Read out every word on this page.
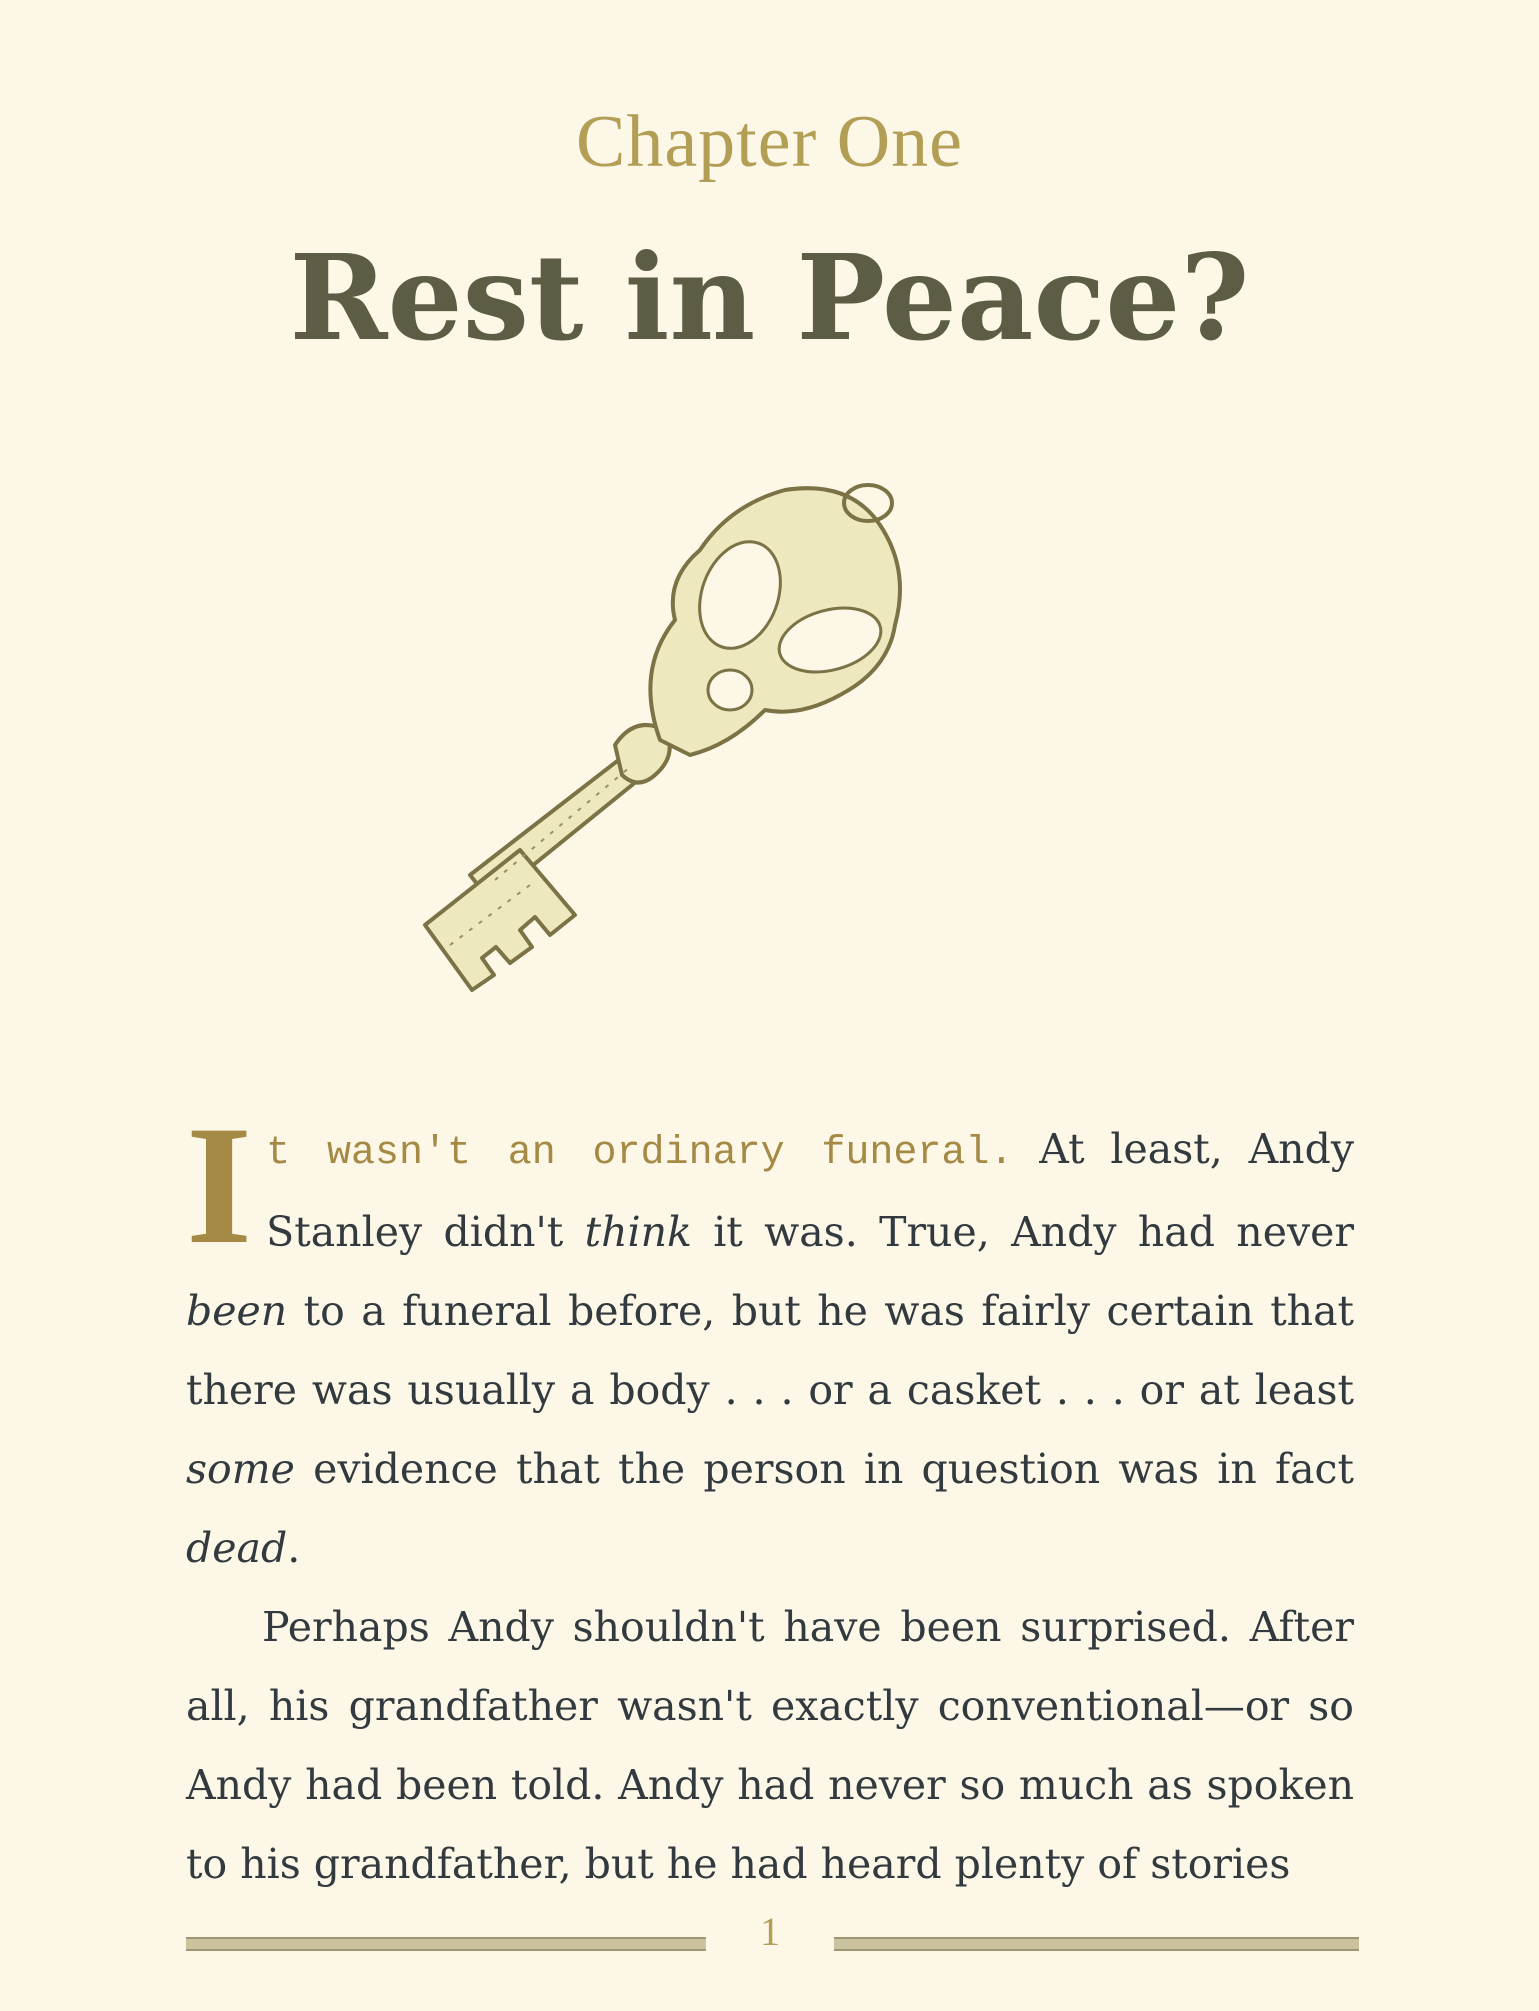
Chapter One
Rest in Peace?

It wasn't an ordinary funeral. At least, Andy Stanley didn't think it was. True, Andy had never been to a funeral before, but he was fairly certain that there was usually a body . . . or a casket . . . or at least some evidence that the person in question was in fact dead.

Perhaps Andy shouldn't have been surprised. After all, his grandfather wasn't exactly conventional—or so Andy had been told. Andy had never so much as spoken to his grandfather, but he had heard plenty of stories

1
